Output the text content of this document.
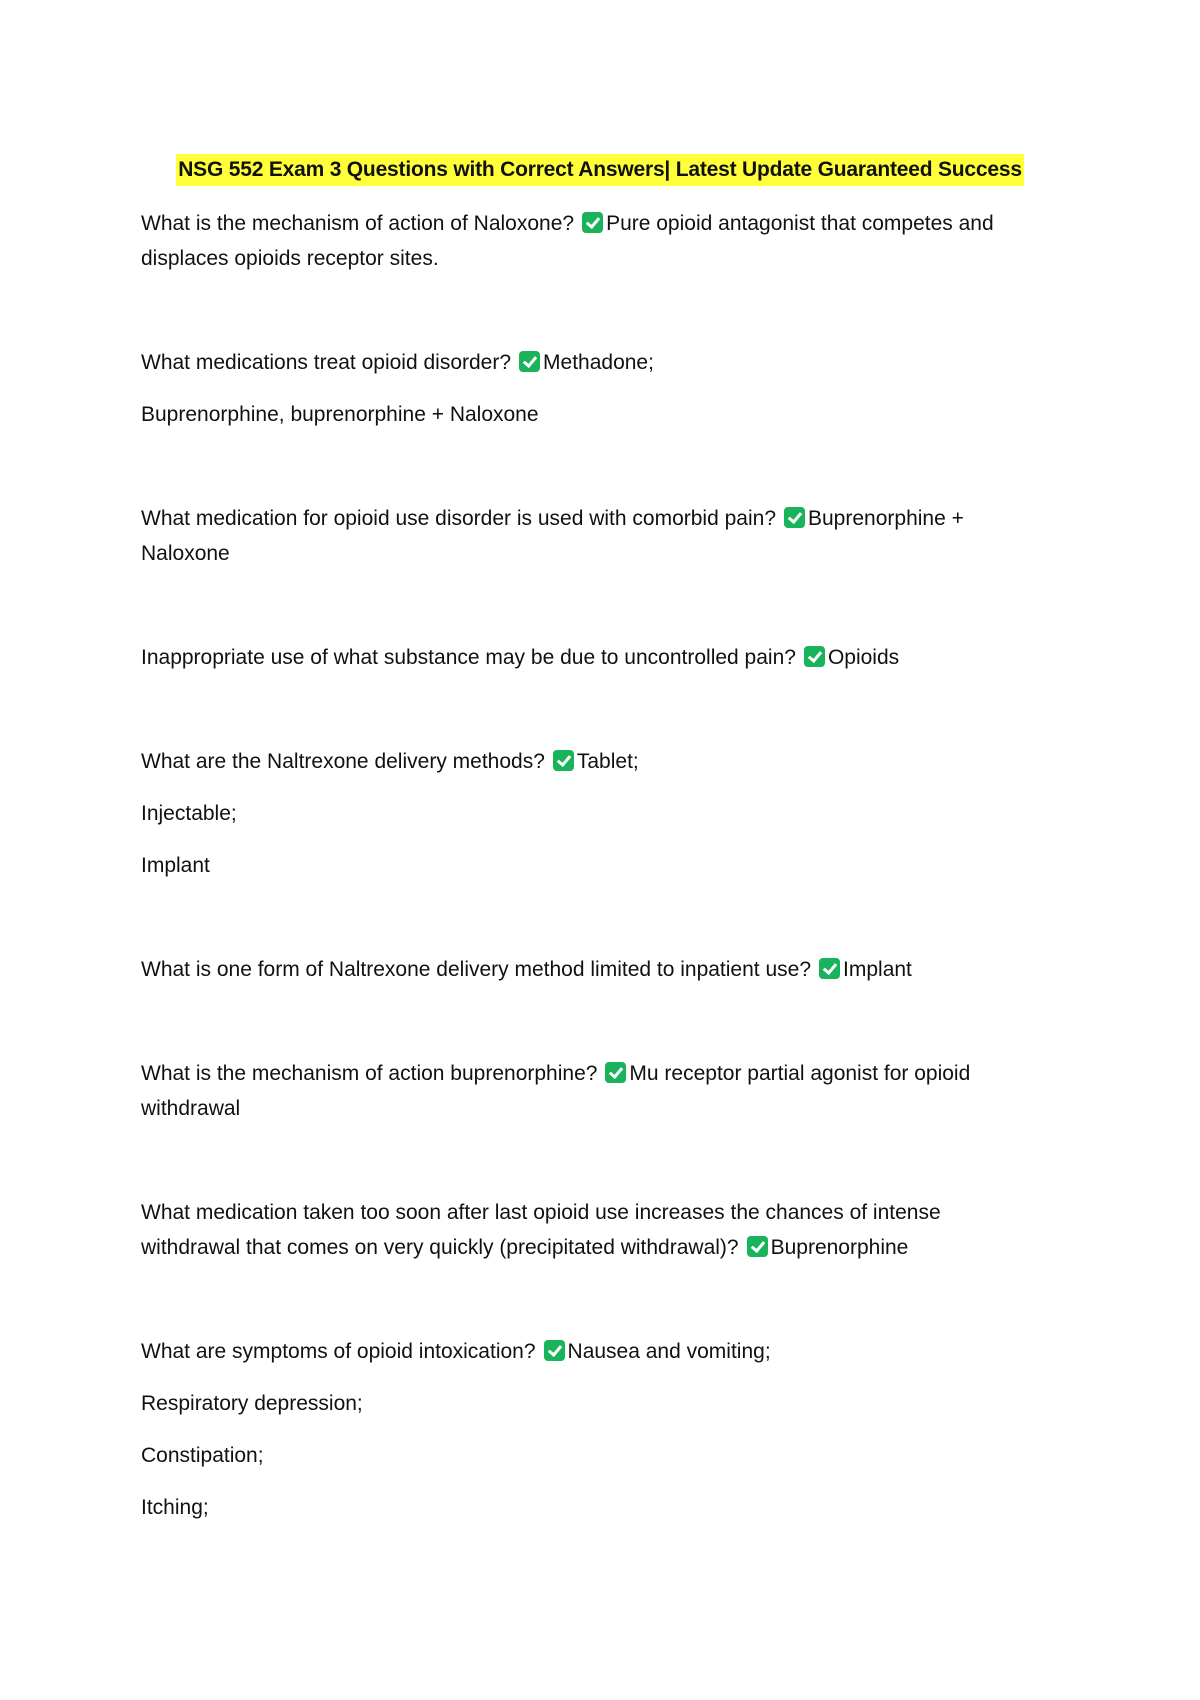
NSG 552 Exam 3 Questions with Correct Answers| Latest Update Guaranteed Success
What is the mechanism of action of Naloxone? Pure opioid antagonist that competes and displaces opioids receptor sites.
What medications treat opioid disorder? Methadone;
Buprenorphine, buprenorphine + Naloxone
What medication for opioid use disorder is used with comorbid pain? Buprenorphine + Naloxone
Inappropriate use of what substance may be due to uncontrolled pain? Opioids
What are the Naltrexone delivery methods? Tablet;
Injectable;
Implant
What is one form of Naltrexone delivery method limited to inpatient use? Implant
What is the mechanism of action buprenorphine? Mu receptor partial agonist for opioid withdrawal
What medication taken too soon after last opioid use increases the chances of intense withdrawal that comes on very quickly (precipitated withdrawal)? Buprenorphine
What are symptoms of opioid intoxication? Nausea and vomiting;
Respiratory depression;
Constipation;
Itching;
